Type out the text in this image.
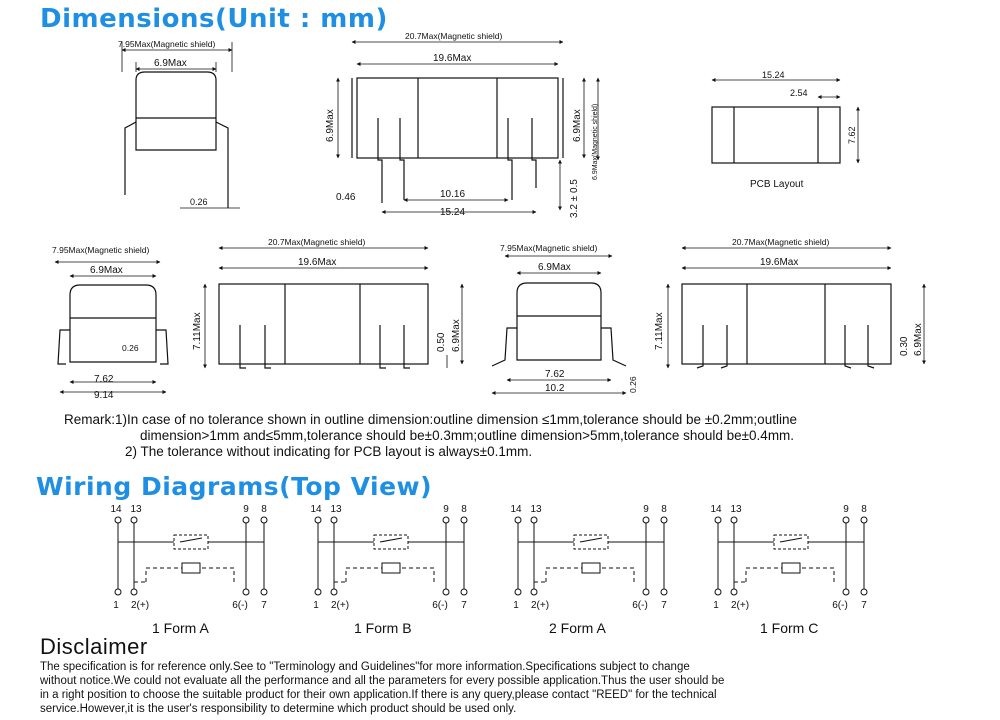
Dimensions(Unit : mm)
7.95Max(Magnetic shield)
6.9Max
0.26
20.7Max(Magnetic shield)
19.6Max
6.9Max	6.9Max 6.9Max(Magnetic shield)
0.46	10.16
15.24	3.2 ± 0.5
15.24
2.54
7.62
PCB Layout
7.95Max(Magnetic shield)
6.9Max
0.26
7.62
9.14
20.7Max(Magnetic shield)
19.6Max
7.11Max	0.50 6.9Max
7.95Max(Magnetic shield)
6.9Max
7.62
10.2	0.26
20.7Max(Magnetic shield)
19.6Max
7.11Max	0.30 6.9Max

Remark:1)In case of no tolerance shown in outline dimension:outline dimension ≤1mm,tolerance should be ±0.2mm;outline

dimension>1mm and≤5mm,tolerance should be±0.3mm;outline dimension>5mm,tolerance should be±0.4mm.

2) The tolerance without indicating for PCB layout is always±0.1mm.

Wiring Diagrams(Top View)
14 13	9 8
1 2(+)	6(-) 7
14 13	9 8
1 2(+)	6(-) 7
14 13	9 8
1 2(+)	6(-) 7
14 13	9 8
1 2(+)	6(-) 7

1 Form A	1 Form B	2 Form A	1 Form C

Disclaimer
The specification is for reference only.See to "Terminology and Guidelines"for more information.Specifications subject to change
without notice.We could not evaluate all the performance and all the parameters for every possible application.Thus the user should be
in a right position to choose the suitable product for their own application.If there is any query,please contact "REED" for the technical
service.However,it is the user's responsibility to determine which product should be used only.
